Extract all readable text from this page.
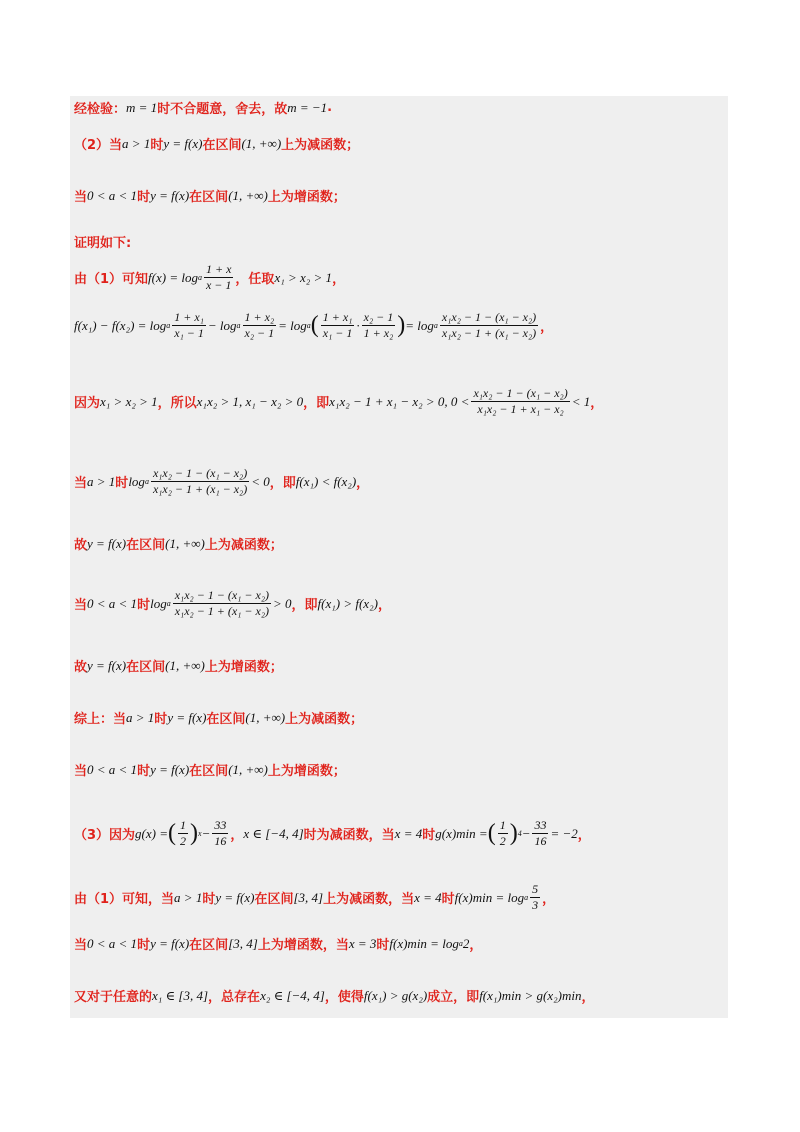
经检验： m = 1 时不合题意，舍去，故 m = −1 .
（2）当 a > 1 时 y = f(x) 在区间 (1, +∞) 上为减函数；
当 0 < a < 1 时 y = f(x) 在区间 (1, +∞) 上为增函数；
证明如下:
由（1）可知 f(x) = log a $\frac{1 + x}{x - 1}$ ，任取 x₁ > x₂ > 1 ，
f(x₁) − f(x₂) = log a $\frac{\text{1 + x₁}}{\text{x₁ − 1}} - \log a \frac{\text{1 + x₂}}{\text{x₂ − 1}} = \log a$ ( $\frac{\text{1 + x₁}}{\text{x₁ − 1}} \cdot \frac{\text{x₂ − 1}}{\text{1 + x₂}}$ ) = log a $\frac{\text{x₁x₂ − 1 − (x₁ − x₂)}}{\text{x₁x₂ − 1 + (x₁ − x₂)}}$ ，
因为 x₁ > x₂ > 1 ，所以 x₁x₂ > 1, x₁ − x₂ > 0 ，即 x₁x₂ − 1 + x₁ − x₂ > 0, $0 < \frac{\text{x₁x₂ − 1 − (x₁ − x₂)}}{\text{x₁x₂ − 1 + x₁ − x₂}} < 1$ ，
当 a > 1 时 log a $\frac{\text{x₁x₂ − 1 − (x₁ − x₂)}}{\text{x₁x₂ − 1 + (x₁ − x₂)}} < 0$ ，即 f(x₁) < f(x₂) ，
故 y = f(x) 在区间 (1, +∞) 上为减函数；
当 0 < a < 1 时 log a $\frac{\text{x₁x₂ − 1 − (x₁ − x₂)}}{\text{x₁x₂ − 1 + (x₁ − x₂)}} > 0$ ，即 f(x₁) > f(x₂) ，
故 y = f(x) 在区间 (1, +∞) 上为增函数；
综上：当 a > 1 时 y = f(x) 在区间 (1, +∞) 上为减函数；
当 0 < a < 1 时 y = f(x) 在区间 (1, +∞) 上为增函数；
（3）因为 g(x) = ( $\frac{1}{2}$ ) $x - \frac{33}{16}$ ， x ∈ [−4, 4] 时为减函数，当 x = 4 时 g(x)min = ( $\frac{1}{2}$ ) $4 - \frac{33}{16} = -2$ ，
由（1）可知，当 a > 1 时 y = f(x) 在区间 [3, 4] 上为减函数，当 x = 4 时 f(x)min = log a $\frac{5}{3}$ ，
当 0 < a < 1 时 y = f(x) 在区间 [3, 4] 上为增函数，当 x = 3 时 f(x)min = log a 2 ，
又对于任意的 x₁ ∈ [3, 4] ，总存在 x₂ ∈ [−4, 4] ，使得 f(x₁) > g(x₂) 成立，即 f(x₁)min > g(x₂)min ，
